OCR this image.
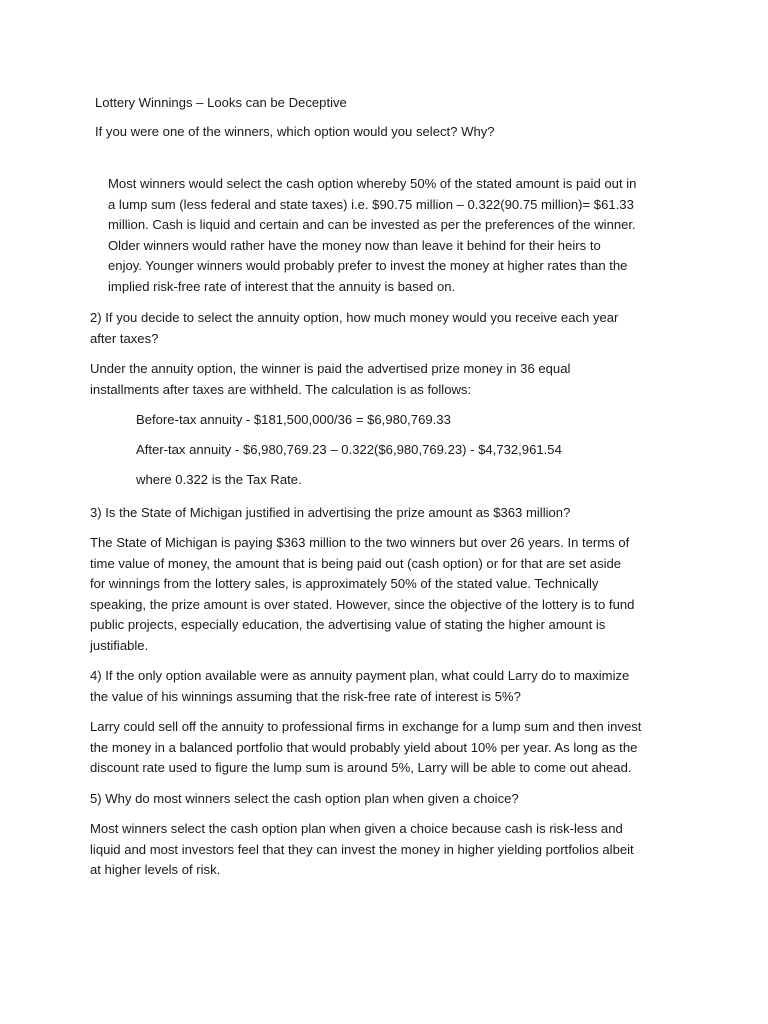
Lottery Winnings – Looks can be Deceptive

If you were one of the winners, which option would you select? Why?

Most winners would select the cash option whereby 50% of the stated amount is paid out in
a lump sum (less federal and state taxes) i.e. $90.75 million – 0.322(90.75 million)= $61.33
million. Cash is liquid and certain and can be invested as per the preferences of the winner.
Older winners would rather have the money now than leave it behind for their heirs to
enjoy. Younger winners would probably prefer to invest the money at higher rates than the
implied risk-free rate of interest that the annuity is based on.
2) If you decide to select the annuity option, how much money would you receive each year
after taxes?
Under the annuity option, the winner is paid the advertised prize money in 36 equal
installments after taxes are withheld. The calculation is as follows:

Before-tax annuity - $181,500,000/36 = $6,980,769.33

After-tax annuity - $6,980,769.23 – 0.322($6,980,769.23) - $4,732,961.54

where 0.322 is the Tax Rate.

3) Is the State of Michigan justified in advertising the prize amount as $363 million?

The State of Michigan is paying $363 million to the two winners but over 26 years. In terms of
time value of money, the amount that is being paid out (cash option) or for that are set aside
for winnings from the lottery sales, is approximately 50% of the stated value. Technically
speaking, the prize amount is over stated. However, since the objective of the lottery is to fund
public projects, especially education, the advertising value of stating the higher amount is
justifiable.
4) If the only option available were as annuity payment plan, what could Larry do to maximize
the value of his winnings assuming that the risk-free rate of interest is 5%?
Larry could sell off the annuity to professional firms in exchange for a lump sum and then invest
the money in a balanced portfolio that would probably yield about 10% per year. As long as the
discount rate used to figure the lump sum is around 5%, Larry will be able to come out ahead.

5) Why do most winners select the cash option plan when given a choice?

Most winners select the cash option plan when given a choice because cash is risk-less and
liquid and most investors feel that they can invest the money in higher yielding portfolios albeit
at higher levels of risk.
